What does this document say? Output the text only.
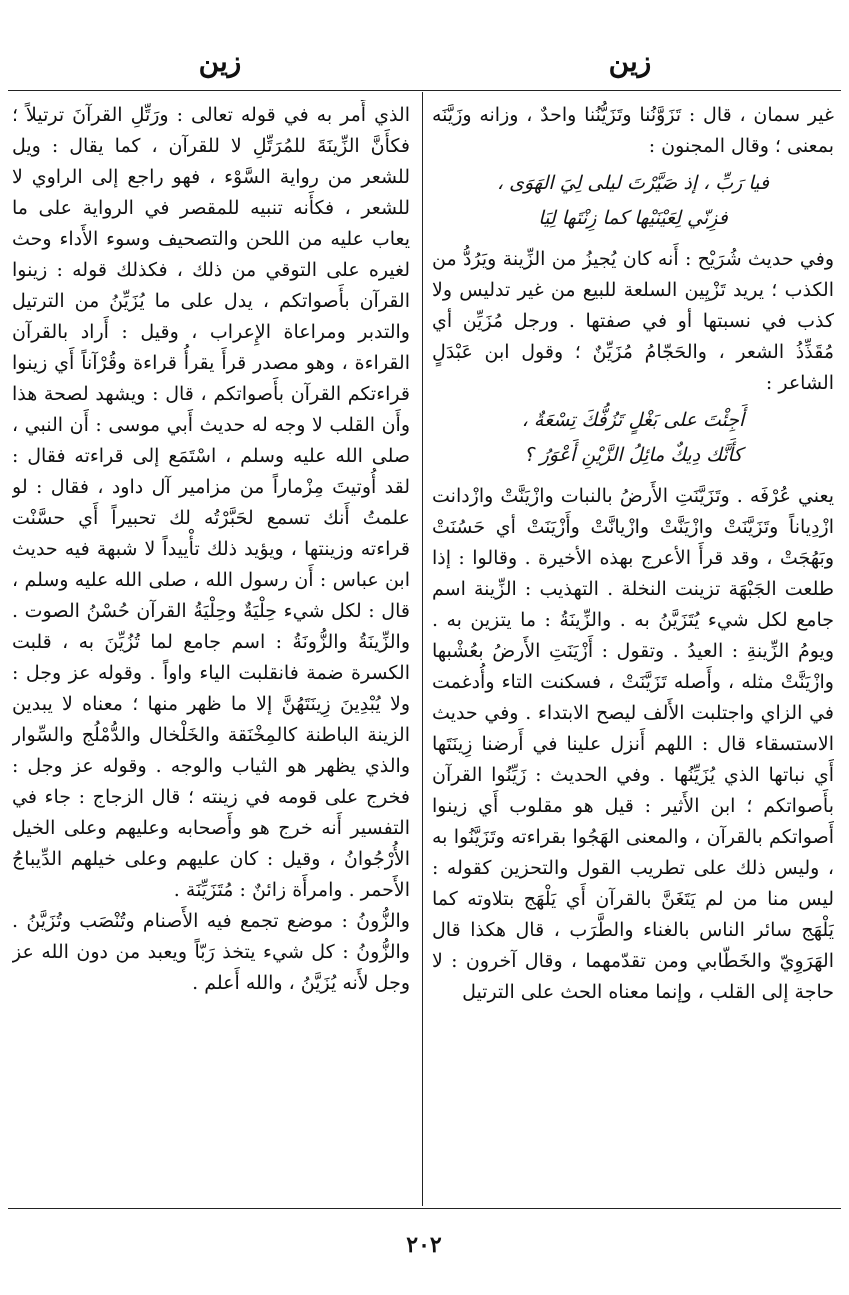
زين
زين

غير سمان ، قال : تَزَوَّنُنا وتَزَيُّنُنا واحدٌ ، وزانه وزَيَّنَه بمعنى ؛ وقال المجنون :

فيا رَبِّ ، إذ صَيَّرْتَ ليلى لِيَ الهَوَى ،

فزِنّي لِعَيْنَيْها كما زِنْتَها لِيَا

وفي حديث شُرَيْح : أَنه كان يُجيزُ من الزِّينة ويَرُدُّ من الكذب ؛ يريد تَزْيِين السلعة للبيع من غير تدليس ولا كذب في نسبتها أو في صفتها . ورجل مُزَيِّن أي مُقَذِّذُ الشعر ، والحَجّامُ مُزَيِّنٌ ؛ وقول ابن عَبْدَلٍ الشاعر :

أَجِئْتَ على بَغْلٍ تَزُفُّكَ تِسْعَةٌ ،

كأَنَّك دِيكٌ مائِلُ الزَّيْنِ أَعْوَرُ ؟

يعني عُرْفَه . وتَزَيَّنَتِ الأَرضُ بالنبات وازْيَنَّتْ وازْدانت ازْدِياناً وتَزَيَّنَتْ وازْيَنَّتْ وازْيانَّتْ وأَزْيَنَتْ أي حَسُنَتْ وبَهُجَتْ ، وقد قرأَ الأعرج بهذه الأخيرة . وقالوا : إذا طلعت الجَبْهَة تزينت النخلة . التهذيب : الزِّينة اسم جامع لكل شيء يُتَزَيَّنُ به . والزِّينَةُ : ما يتزين به . ويومُ الزِّينةِ : العيدُ . وتقول : أَزْيَنَتِ الأَرضُ بعُشْبها وازْيَنَّتْ مثله ، وأَصله تَزَيَّنَتْ ، فسكنت التاء وأُدغمت في الزاي واجتلبت الأَلف ليصح الابتداء . وفي حديث الاستسقاء قال : اللهم أَنزل علينا في أَرضنا زِينَتَها أَي نباتها الذي يُزَيِّنُها . وفي الحديث : زَيِّنُوا القرآن بأَصواتكم ؛ ابن الأَثير : قيل هو مقلوب أَي زينوا أَصواتكم بالقرآن ، والمعنى الهَجُوا بقراءته وتَزَيَّنُوا به ، وليس ذلك على تطريب القول والتحزين كقوله : ليس منا من لم يَتَغَنَّ بالقرآن أَي يَلْهَج بتلاوته كما يَلْهَج سائر الناس بالغناء والطَّرَب ، قال هكذا قال الهَرَوِيّ والخَطّابي ومن تقدّمهما ، وقال آخرون : لا حاجة إلى القلب ، وإنما معناه الحث على الترتيل

الذي أَمر به في قوله تعالى : ورَتِّلِ القرآنَ ترتيلاً ؛ فكأَنَّ الزِّينَةَ للمُرَتِّلِ لا للقرآن ، كما يقال : ويل للشعر من رواية السَّوْء ، فهو راجع إلى الراوي لا للشعر ، فكأَنه تنبيه للمقصر في الرواية على ما يعاب عليه من اللحن والتصحيف وسوء الأَداء وحث لغيره على التوقي من ذلك ، فكذلك قوله : زينوا القرآن بأَصواتكم ، يدل على ما يُزَيِّنُ من الترتيل والتدبر ومراعاة الإِعراب ، وقيل : أَراد بالقرآن القراءة ، وهو مصدر قرأَ يقرأُ قراءة وقُرْآناً أَي زينوا قراءتكم القرآن بأَصواتكم ، قال : ويشهد لصحة هذا وأَن القلب لا وجه له حديث أَبي موسى : أَن النبي ، صلى الله عليه وسلم ، اسْتَمَع إلى قراءته فقال : لقد أُوتيتَ مِزْماراً من مزامير آل داود ، فقال : لو علمتُ أَنك تسمع لحَبَّرْتُه لك تحبيراً أَي حسَّنْت قراءته وزينتها ، ويؤيد ذلك تأْييداً لا شبهة فيه حديث ابن عباس : أَن رسول الله ، صلى الله عليه وسلم ، قال : لكل شيء حِلْيَةٌ وحِلْيَةُ القرآن حُسْنُ الصوت . والزِّينَةُ والزُّونَةُ : اسم جامع لما تُزُيِّنَ به ، قلبت الكسرة ضمة فانقلبت الياء واواً . وقوله عز وجل : ولا يُبْدِينَ زِينَتَهُنَّ إلا ما ظهر منها ؛ معناه لا يبدين الزينة الباطنة كالمِخْنَقة والخَلْخال والدُّمْلُج والسِّوار والذي يظهر هو الثياب والوجه . وقوله عز وجل : فخرج على قومه في زينته ؛ قال الزجاج : جاء في التفسير أَنه خرج هو وأَصحابه وعليهم وعلى الخيل الأُرْجُوانُ ، وقيل : كان عليهم وعلى خيلهم الدِّيباجُ الأَحمر . وامرأَة زائنٌ : مُتَزَيِّنَة .

والزُّونُ : موضع تجمع فيه الأَصنام وتُنْصَب وتُزَيَّنُ . والزُّونُ : كل شيء يتخذ رَبّاً ويعبد من دون الله عز وجل لأَنه يُزَيَّنُ ، والله أَعلم .

٢٠٢
